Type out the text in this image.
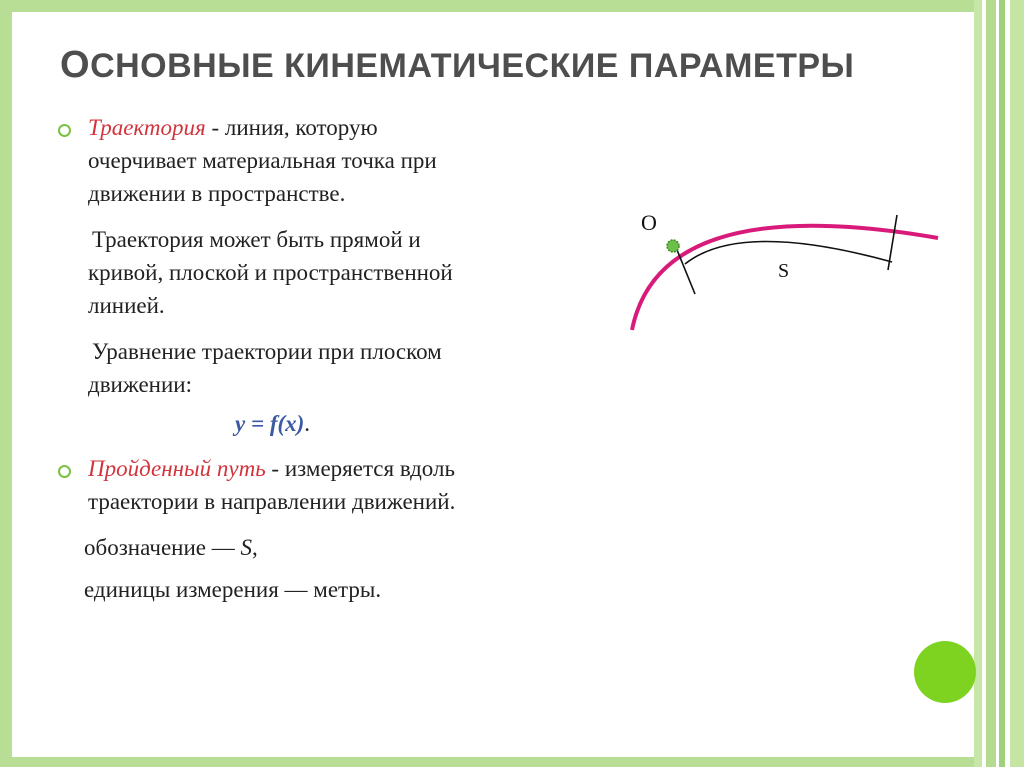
ОСНОВНЫЕ КИНЕМАТИЧЕСКИЕ ПАРАМЕТРЫ
Траектория - линия, которую
очерчивает материальная точка при
движении в пространстве.
Траектория может быть прямой и
кривой, плоской и пространственной
линией.
Уравнение траектории при плоском
движении:
y = f(x).
Пройденный путь - измеряется вдоль
траектории в направлении движений.
обозначение — S,
единицы измерения — метры.
O
S
